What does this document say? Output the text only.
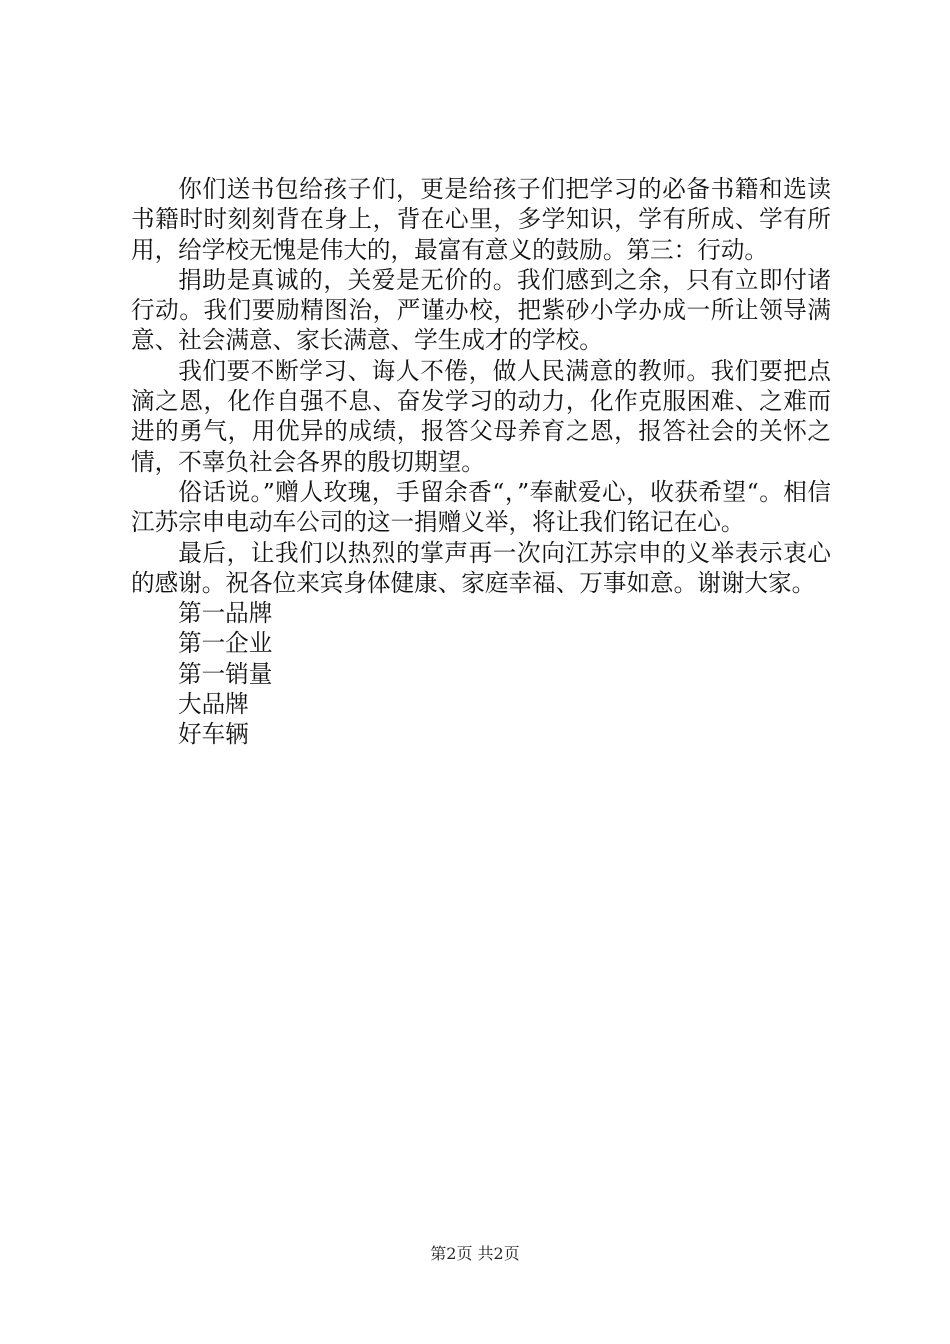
你们送书包给孩子们，更是给孩子们把学习的必备书籍和选读书籍时时刻刻背在身上，背在心里，多学知识，学有所成、学有所用，给学校无愧是伟大的，最富有意义的鼓励。第三：行动。

捐助是真诚的，关爱是无价的。我们感到之余，只有立即付诸行动。我们要励精图治，严谨办校，把紫砂小学办成一所让领导满意、社会满意、家长满意、学生成才的学校。

我们要不断学习、诲人不倦，做人民满意的教师。我们要把点滴之恩，化作自强不息、奋发学习的动力，化作克服困难、之难而进的勇气，用优异的成绩，报答父母养育之恩，报答社会的关怀之情，不辜负社会各界的殷切期望。

俗话说。”赠人玫瑰，手留余香“，”奉献爱心，收获希望“。相信江苏宗申电动车公司的这一捐赠义举，将让我们铭记在心。

最后，让我们以热烈的掌声再一次向江苏宗申的义举表示衷心的感谢。祝各位来宾身体健康、家庭幸福、万事如意。谢谢大家。

第一品牌

第一企业

第一销量

大品牌

好车辆

第2页 共2页
